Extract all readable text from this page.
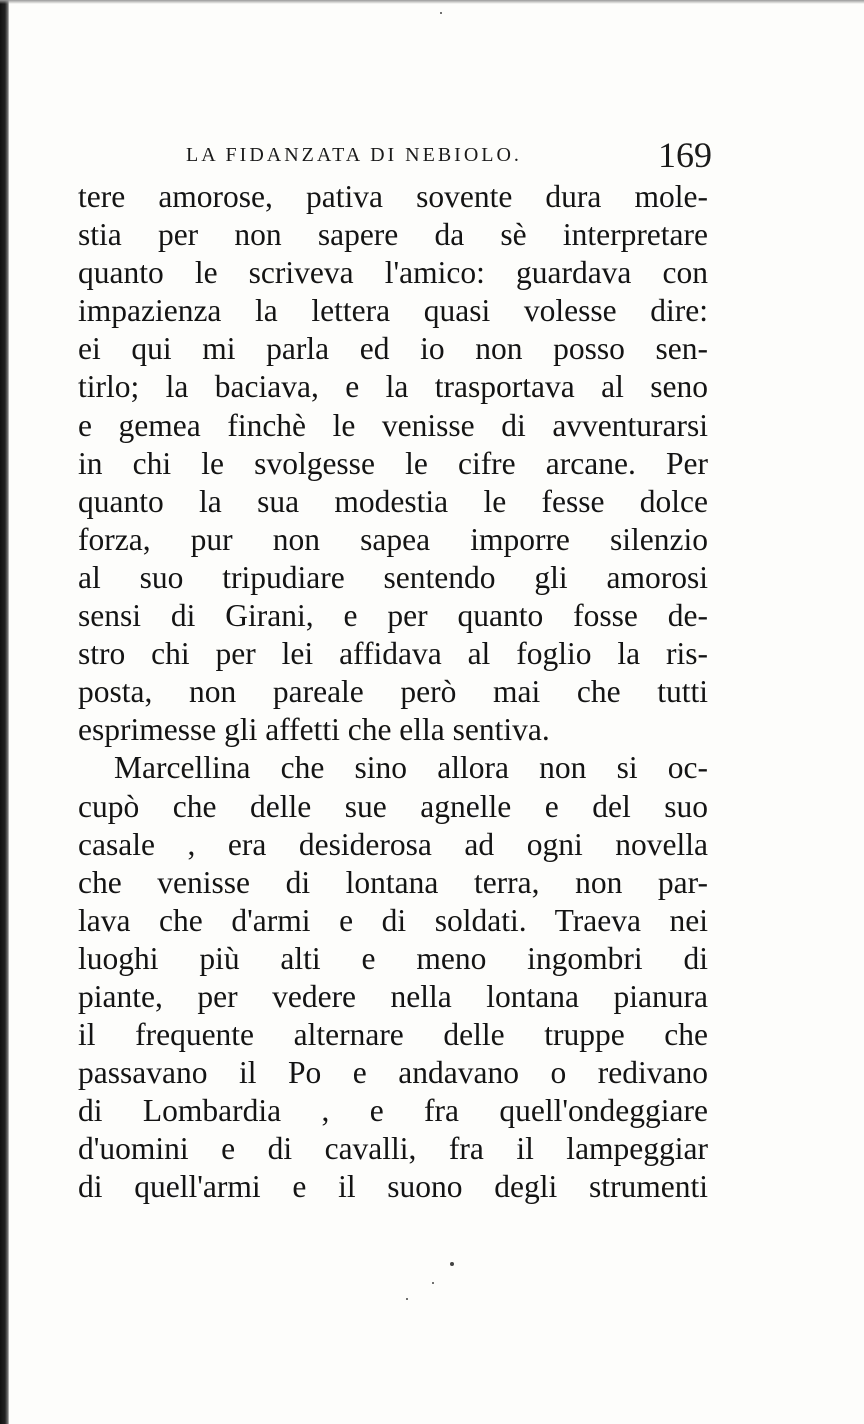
LA FIDANZATA DI NEBIOLO.	169
tere amorose, pativa sovente dura mole-
stia per non sapere da sè interpretare
quanto le scriveva l'amico: guardava con
impazienza la lettera quasi volesse dire:
ei qui mi parla ed io non posso sen-
tirlo; la baciava, e la trasportava al seno
e gemea finchè le venisse di avventurarsi
in chi le svolgesse le cifre arcane. Per
quanto la sua modestia le fesse dolce
forza, pur non sapea imporre silenzio
al suo tripudiare sentendo gli amorosi
sensi di Girani, e per quanto fosse de-
stro chi per lei affidava al foglio la ris-
posta, non pareale però mai che tutti
esprimesse gli affetti che ella sentiva.
Marcellina che sino allora non si oc-
cupò che delle sue agnelle e del suo
casale , era desiderosa ad ogni novella
che venisse di lontana terra, non par-
lava che d'armi e di soldati. Traeva nei
luoghi più alti e meno ingombri di
piante, per vedere nella lontana pianura
il frequente alternare delle truppe che
passavano il Po e andavano o redivano
di Lombardia , e fra quell'ondeggiare
d'uomini e di cavalli, fra il lampeggiar
di quell'armi e il suono degli strumenti
